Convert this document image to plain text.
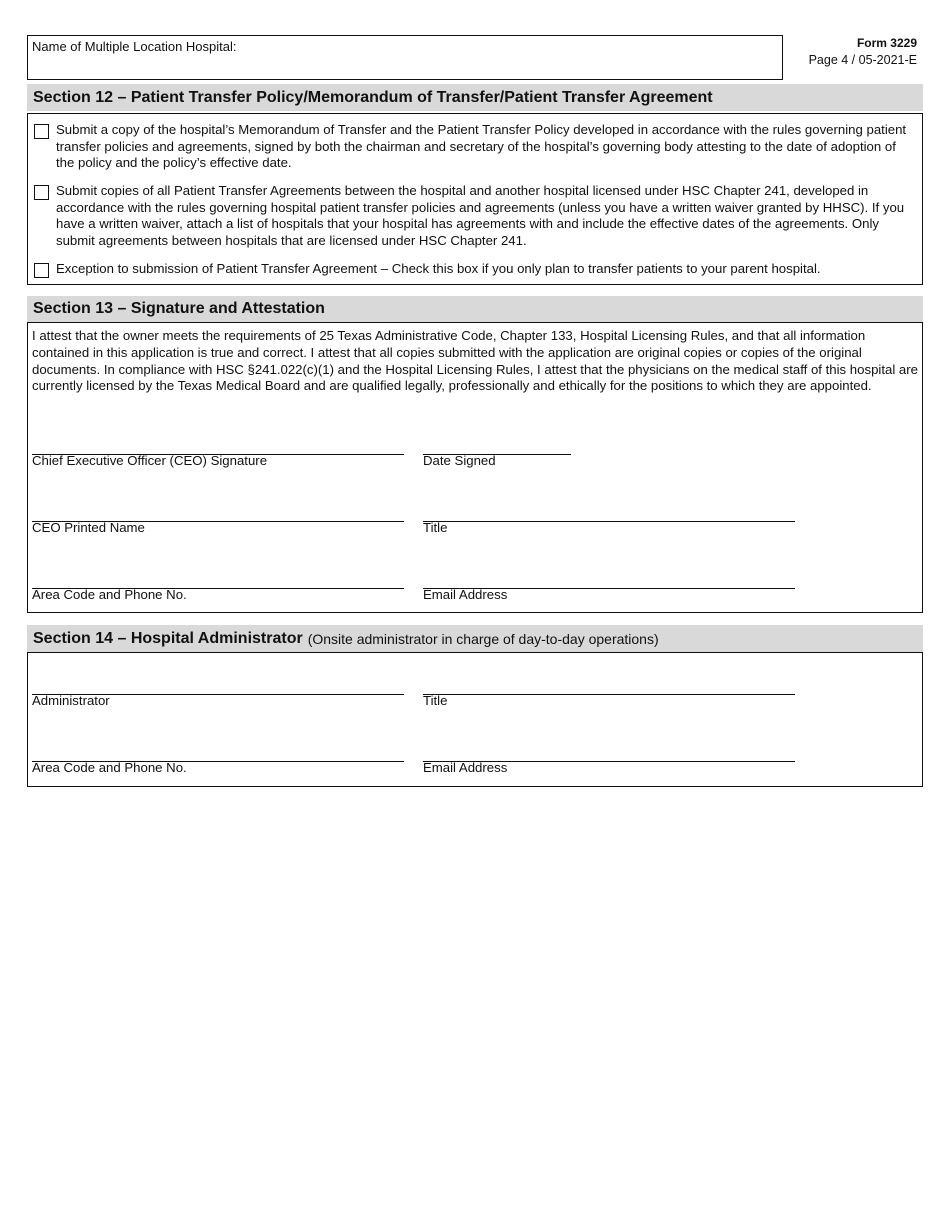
Name of Multiple Location Hospital:	Form 3229
Page 4 / 05-2021-E
Section 12 – Patient Transfer Policy/Memorandum of Transfer/Patient Transfer Agreement
Submit a copy of the hospital’s Memorandum of Transfer and the Patient Transfer Policy developed in accordance with the rules governing patient transfer policies and agreements, signed by both the chairman and secretary of the hospital’s governing body attesting to the date of adoption of the policy and the policy’s effective date.
Submit copies of all Patient Transfer Agreements between the hospital and another hospital licensed under HSC Chapter 241, developed in accordance with the rules governing hospital patient transfer policies and agreements (unless you have a written waiver granted by HHSC). If you have a written waiver, attach a list of hospitals that your hospital has agreements with and include the effective dates of the agreements. Only submit agreements between hospitals that are licensed under HSC Chapter 241.
Exception to submission of Patient Transfer Agreement – Check this box if you only plan to transfer patients to your parent hospital.
Section 13 – Signature and Attestation
I attest that the owner meets the requirements of 25 Texas Administrative Code, Chapter 133, Hospital Licensing Rules, and that all information contained in this application is true and correct. I attest that all copies submitted with the application are original copies or copies of the original documents. In compliance with HSC §241.022(c)(1) and the Hospital Licensing Rules, I attest that the physicians on the medical staff of this hospital are currently licensed by the Texas Medical Board and are qualified legally, professionally and ethically for the positions to which they are appointed.
Chief Executive Officer (CEO) Signature	Date Signed
CEO Printed Name	Title
Area Code and Phone No.	Email Address
Section 14 – Hospital Administrator (Onsite administrator in charge of day-to-day operations)
Administrator	Title
Area Code and Phone No.	Email Address
